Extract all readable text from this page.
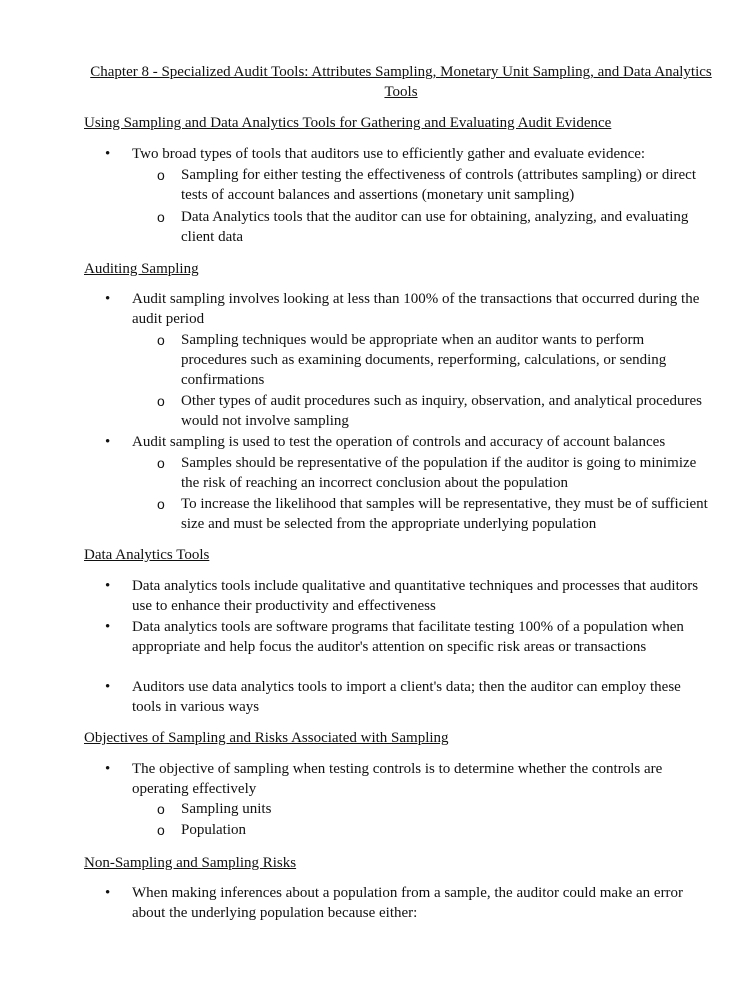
Chapter 8 - Specialized Audit Tools: Attributes Sampling, Monetary Unit Sampling, and Data Analytics Tools
Using Sampling and Data Analytics Tools for Gathering and Evaluating Audit Evidence
• Two broad types of tools that auditors use to efficiently gather and evaluate evidence:
o Sampling for either testing the effectiveness of controls (attributes sampling) or direct tests of account balances and assertions (monetary unit sampling)
o Data Analytics tools that the auditor can use for obtaining, analyzing, and evaluating client data
Auditing Sampling
• Audit sampling involves looking at less than 100% of the transactions that occurred during the audit period
o Sampling techniques would be appropriate when an auditor wants to perform procedures such as examining documents, reperforming, calculations, or sending confirmations
o Other types of audit procedures such as inquiry, observation, and analytical procedures would not involve sampling
• Audit sampling is used to test the operation of controls and accuracy of account balances
o Samples should be representative of the population if the auditor is going to minimize the risk of reaching an incorrect conclusion about the population
o To increase the likelihood that samples will be representative, they must be of sufficient size and must be selected from the appropriate underlying population
Data Analytics Tools
• Data analytics tools include qualitative and quantitative techniques and processes that auditors use to enhance their productivity and effectiveness
• Data analytics tools are software programs that facilitate testing 100% of a population when appropriate and help focus the auditor's attention on specific risk areas or transactions
• Auditors use data analytics tools to import a client's data; then the auditor can employ these tools in various ways
Objectives of Sampling and Risks Associated with Sampling
• The objective of sampling when testing controls is to determine whether the controls are operating effectively
o Sampling units
o Population
Non-Sampling and Sampling Risks
• When making inferences about a population from a sample, the auditor could make an error about the underlying population because either:
